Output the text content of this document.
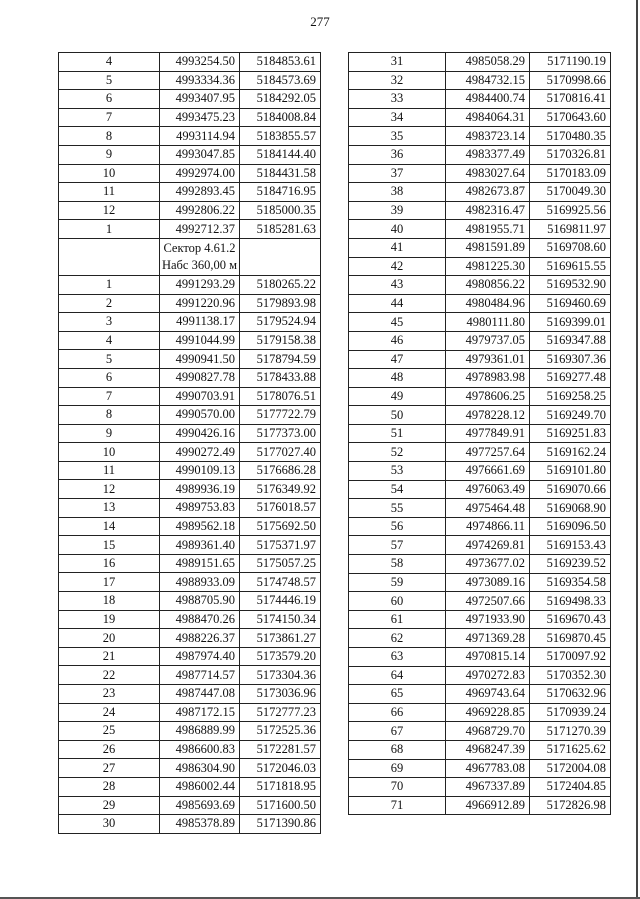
277
4	4993254.50	5184853.61
5	4993334.36	5184573.69
6	4993407.95	5184292.05
7	4993475.23	5184008.84
8	4993114.94	5183855.57
9	4993047.85	5184144.40
10	4992974.00	5184431.58
11	4992893.45	5184716.95
12	4992806.22	5185000.35
1	4992712.37	5185281.63

	Сектор 4.61.2
Набс 360,00 м	

1	4991293.29	5180265.22
2	4991220.96	5179893.98
3	4991138.17	5179524.94
4	4991044.99	5179158.38
5	4990941.50	5178794.59
6	4990827.78	5178433.88
7	4990703.91	5178076.51
8	4990570.00	5177722.79
9	4990426.16	5177373.00
10	4990272.49	5177027.40
11	4990109.13	5176686.28
12	4989936.19	5176349.92
13	4989753.83	5176018.57
14	4989562.18	5175692.50
15	4989361.40	5175371.97
16	4989151.65	5175057.25
17	4988933.09	5174748.57
18	4988705.90	5174446.19
19	4988470.26	5174150.34
20	4988226.37	5173861.27
21	4987974.40	5173579.20
22	4987714.57	5173304.36
23	4987447.08	5173036.96
24	4987172.15	5172777.23
25	4986889.99	5172525.36
26	4986600.83	5172281.57
27	4986304.90	5172046.03
28	4986002.44	5171818.95
29	4985693.69	5171600.50
30	4985378.89	5171390.86
31	4985058.29	5171190.19
32	4984732.15	5170998.66
33	4984400.74	5170816.41
34	4984064.31	5170643.60
35	4983723.14	5170480.35
36	4983377.49	5170326.81
37	4983027.64	5170183.09
38	4982673.87	5170049.30
39	4982316.47	5169925.56
40	4981955.71	5169811.97
41	4981591.89	5169708.60
42	4981225.30	5169615.55
43	4980856.22	5169532.90
44	4980484.96	5169460.69
45	4980111.80	5169399.01
46	4979737.05	5169347.88
47	4979361.01	5169307.36
48	4978983.98	5169277.48
49	4978606.25	5169258.25
50	4978228.12	5169249.70
51	4977849.91	5169251.83
52	4977257.64	5169162.24
53	4976661.69	5169101.80
54	4976063.49	5169070.66
55	4975464.48	5169068.90
56	4974866.11	5169096.50
57	4974269.81	5169153.43
58	4973677.02	5169239.52
59	4973089.16	5169354.58
60	4972507.66	5169498.33
61	4971933.90	5169670.43
62	4971369.28	5169870.45
63	4970815.14	5170097.92
64	4970272.83	5170352.30
65	4969743.64	5170632.96
66	4969228.85	5170939.24
67	4968729.70	5171270.39
68	4968247.39	5171625.62
69	4967783.08	5172004.08
70	4967337.89	5172404.85
71	4966912.89	5172826.98
